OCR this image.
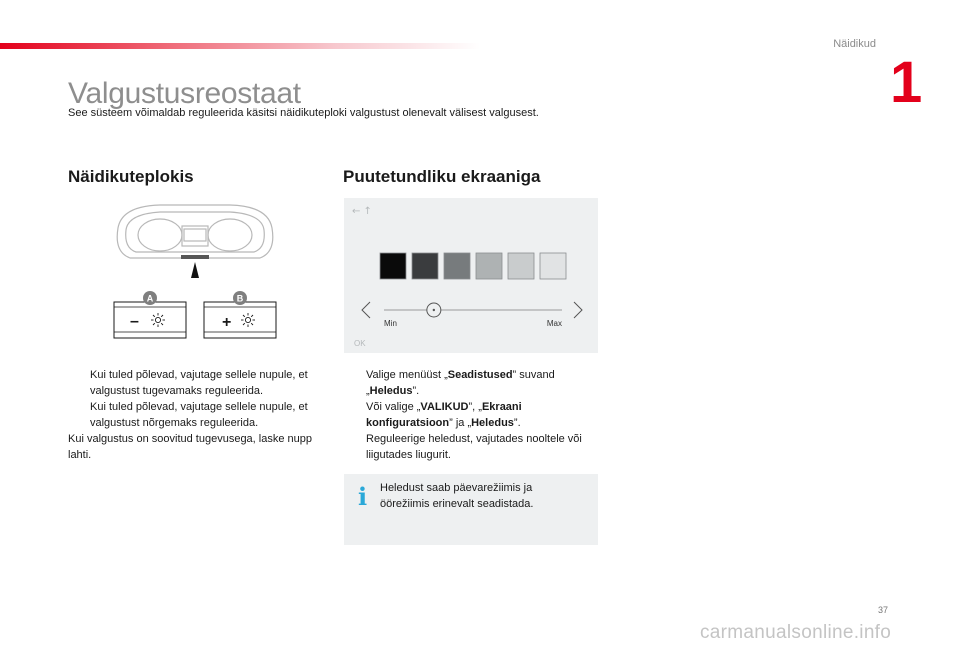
Näidikud
1
Valgustusreostaat

See süsteem võimaldab reguleerida käsitsi näidikuteploki valgustust olenevalt välisest valgusest.

Näidikuteplokis	Puutetundliku ekraaniga
A
–
B
+
← ↑
Min	Max
OK
Kui tuled põlevad, vajutage sellele nupule, et valgustust tugevamaks reguleerida.
Kui tuled põlevad, vajutage sellele nupule, et valgustust nõrgemaks reguleerida.
Kui valgustus on soovitud tugevusega, laske nupp lahti.
Valige menüüst „Seadistused” suvand „Heledus”.
Või valige „VALIKUD”, „Ekraani konfiguratsioon” ja „Heledus”.
Reguleerige heledust, vajutades nooltele või liigutades liugurit.
i Heledust saab päevarežiimis ja öörežiimis erinevalt seadistada.

37
carmanualsonline.info
